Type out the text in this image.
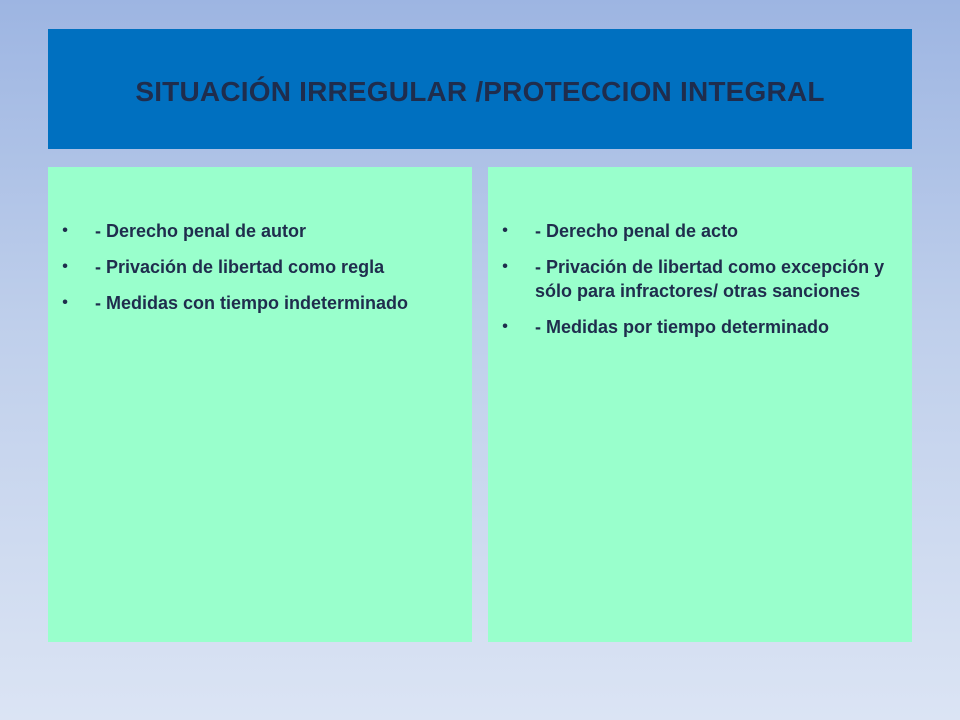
SITUACIÓN IRREGULAR /PROTECCION INTEGRAL
• - Derecho penal de autor
• - Privación de libertad como regla
• - Medidas con tiempo indeterminado
• - Derecho penal de acto
• - Privación de libertad como excepción y sólo para infractores/ otras sanciones
• - Medidas por tiempo determinado
